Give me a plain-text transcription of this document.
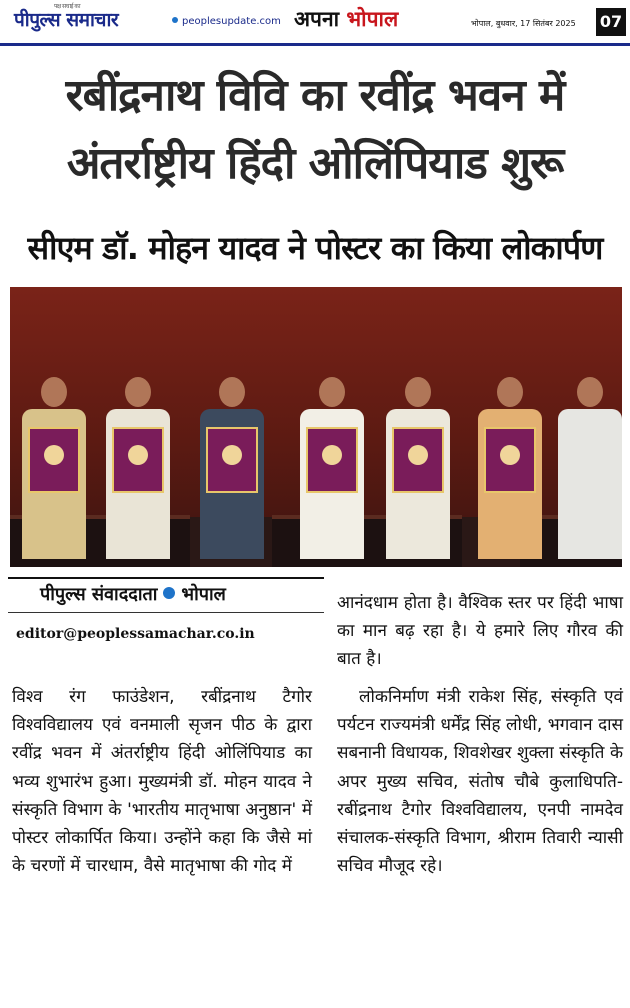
पक्ष सचाई का
पीपुल्स समाचार	peoplesupdate.com अपना भोपाल	भोपाल, बुधवार, 17 सितंबर 2025 07
रबींद्रनाथ विवि का रवींद्र भवन में
अंतर्राष्ट्रीय हिंदी ओलिंपियाड शुरू
सीएम डॉ. मोहन यादव ने पोस्टर का किया लोकार्पण
पीपुल्स संवाददाता भोपाल
editor@peoplessamachar.co.in

विश्व रंग फाउंडेशन, रबींद्रनाथ टैगोर विश्वविद्यालय एवं वनमाली सृजन पीठ के द्वारा रवींद्र भवन में अंतर्राष्ट्रीय हिंदी ओलिंपियाड का भव्य शुभारंभ हुआ। मुख्यमंत्री डॉ. मोहन यादव ने संस्कृति विभाग के 'भारतीय मातृभाषा अनुष्ठान' में पोस्टर लोकार्पित किया। उन्होंने कहा कि जैसे मां के चरणों में चारधाम, वैसे मातृभाषा की गोद में

आनंदधाम होता है। वैश्विक स्तर पर हिंदी भाषा का मान बढ़ रहा है। ये हमारे लिए गौरव की बात है।

लोकनिर्माण मंत्री राकेश सिंह, संस्कृति एवं पर्यटन राज्यमंत्री धर्मेंद्र सिंह लोधी, भगवान दास सबनानी विधायक, शिवशेखर शुक्ला संस्कृति के अपर मुख्य सचिव, संतोष चौबे कुलाधिपति-रबींद्रनाथ टैगोर विश्वविद्यालय, एनपी नामदेव संचालक-संस्कृति विभाग, श्रीराम तिवारी न्यासी सचिव मौजूद रहे।
